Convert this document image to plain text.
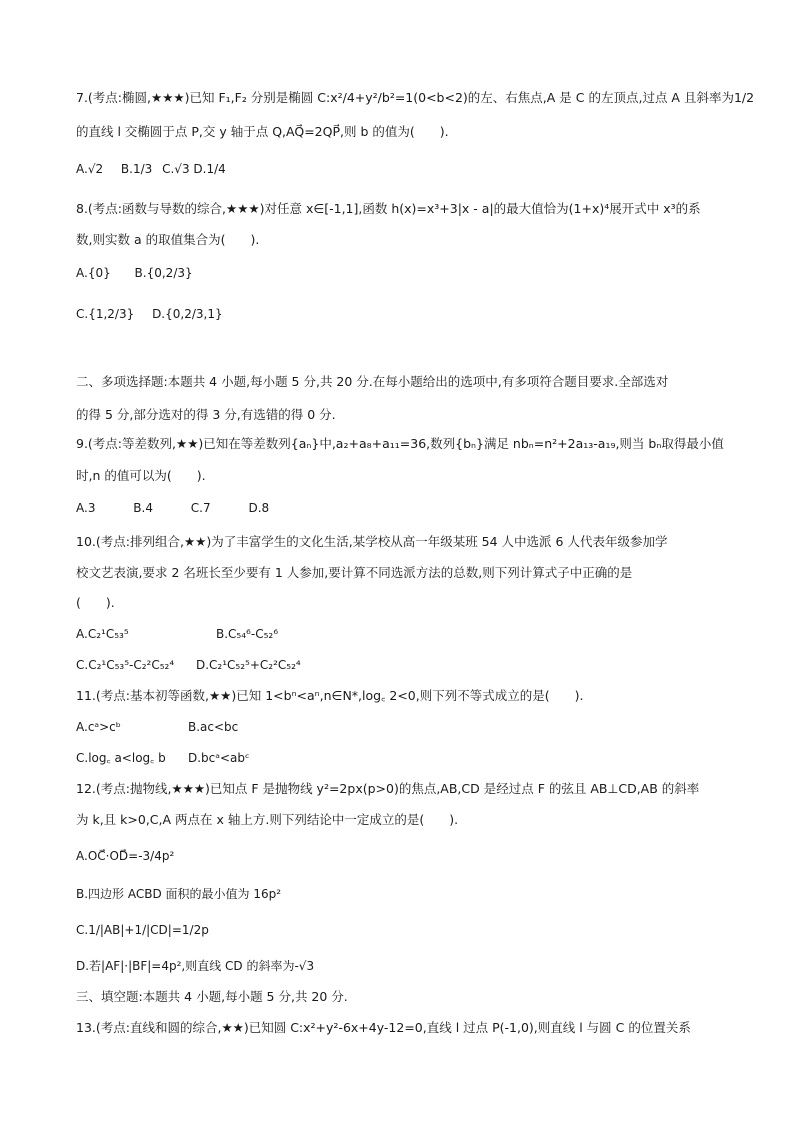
7.(考点:椭圆,★★★)已知 F₁,F₂ 分别是椭圆 C:x²/4+y²/b²=1(0<b<2)的左、右焦点,A 是 C 的左顶点,过点 A 且斜率为1/2
的直线 l 交椭圆于点 P,交 y 轴于点 Q,AQ⃗=2QP⃗,则 b 的值为(　　).
A.√2 B.1/3 C.√3 D.1/4
8.(考点:函数与导数的综合,★★★)对任意 x∈[-1,1],函数 h(x)=x³+3|x - a|的最大值恰为(1+x)⁴展开式中 x³的系
数,则实数 a 的取值集合为(　　).
A.{0} B.{0,2/3}
C.{1,2/3} D.{0,2/3,1}
二、多项选择题:本题共 4 小题,每小题 5 分,共 20 分.在每小题给出的选项中,有多项符合题目要求.全部选对
的得 5 分,部分选对的得 3 分,有选错的得 0 分.
9.(考点:等差数列,★★)已知在等差数列{aₙ}中,a₂+a₈+a₁₁=36,数列{bₙ}满足 nbₙ=n²+2a₁₃-a₁₉,则当 bₙ取得最小值
时,n 的值可以为(　　).
A.3	B.4	C.7	D.8
10.(考点:排列组合,★★)为了丰富学生的文化生活,某学校从高一年级某班 54 人中选派 6 人代表年级参加学
校文艺表演,要求 2 名班长至少要有 1 人参加,要计算不同选派方法的总数,则下列计算式子中正确的是
(　　).
A.C₂¹C₅₃⁵	B.C₅₄⁶-C₅₂⁶
C.C₂¹C₅₃⁵-C₂²C₅₂⁴ D.C₂¹C₅₂⁵+C₂²C₅₂⁴
11.(考点:基本初等函数,★★)已知 1<bⁿ<aⁿ,n∈N*,log꜀ 2<0,则下列不等式成立的是(　　).
A.cᵃ>cᵇ	B.ac<bc
C.log꜀ a<log꜀ b D.bcᵃ<abᶜ
12.(考点:抛物线,★★★)已知点 F 是抛物线 y²=2px(p>0)的焦点,AB,CD 是经过点 F 的弦且 AB⊥CD,AB 的斜率
为 k,且 k>0,C,A 两点在 x 轴上方.则下列结论中一定成立的是(　　).
A.OC⃗·OD⃗=-3/4p²
B.四边形 ACBD 面积的最小值为 16p²
C.1/|AB|+1/|CD|=1/2p
D.若|AF|·|BF|=4p²,则直线 CD 的斜率为-√3
三、填空题:本题共 4 小题,每小题 5 分,共 20 分.
13.(考点:直线和圆的综合,★★)已知圆 C:x²+y²-6x+4y-12=0,直线 l 过点 P(-1,0),则直线 l 与圆 C 的位置关系
